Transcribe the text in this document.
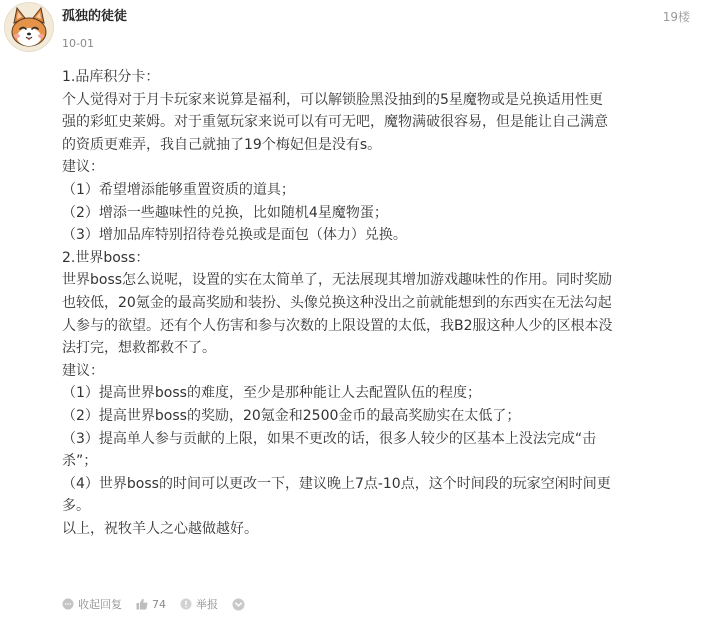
孤独的徒徒
10-01
19楼
1.品库积分卡：
个人觉得对于月卡玩家来说算是福利，可以解锁脸黑没抽到的5星魔物或是兑换适用性更
强的彩虹史莱姆。对于重氪玩家来说可以有可无吧，魔物满破很容易，但是能让自己满意
的资质更难弄，我自己就抽了19个梅妃但是没有s。
建议：
（1）希望增添能够重置资质的道具；
（2）增添一些趣味性的兑换，比如随机4星魔物蛋；
（3）增加品库特别招待卷兑换或是面包（体力）兑换。
2.世界boss：
世界boss怎么说呢，设置的实在太简单了，无法展现其增加游戏趣味性的作用。同时奖励
也较低，20氪金的最高奖励和装扮、头像兑换这种没出之前就能想到的东西实在无法勾起
人参与的欲望。还有个人伤害和参与次数的上限设置的太低，我B2服这种人少的区根本没
法打完，想救都救不了。
建议：
（1）提高世界boss的难度，至少是那种能让人去配置队伍的程度；
（2）提高世界boss的奖励，20氪金和2500金币的最高奖励实在太低了；
（3）提高单人参与贡献的上限，如果不更改的话，很多人较少的区基本上没法完成“击
杀”；
（4）世界boss的时间可以更改一下，建议晚上7点-10点，这个时间段的玩家空闲时间更
多。
以上，祝牧羊人之心越做越好。
收起回复	74	举报
